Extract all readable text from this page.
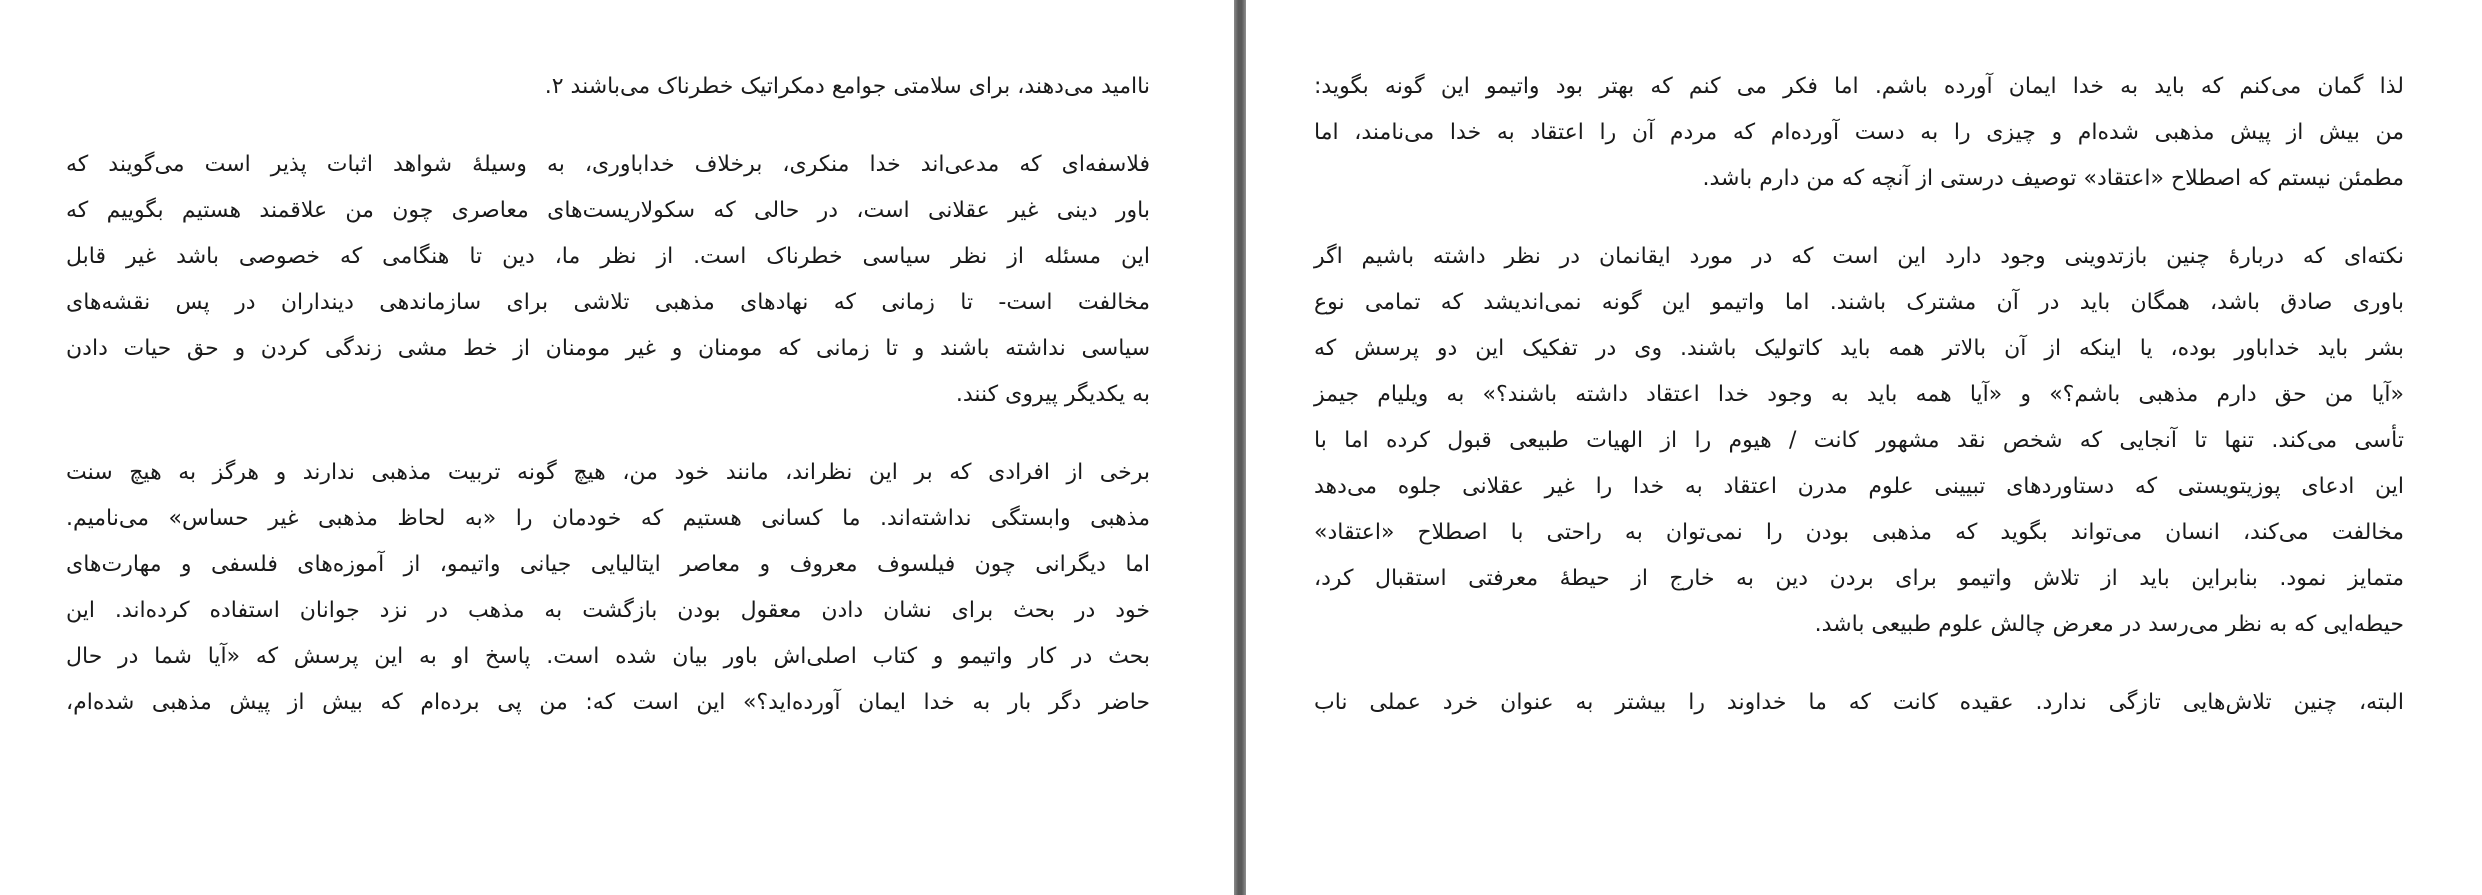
ناامید می‌دهند، برای سلامتی جوامع دمکراتیک خطرناک می‌باشند ۲.
فلاسفه‌ای که مدعی‌اند خدا منکری، برخلاف خداباوری، به وسیلهٔ شواهد اثبات پذیر است می‌گویند که
باور دینی غیر عقلانی است، در حالی که سکولاریست‌های معاصری چون من علاقمند هستیم بگوییم که
این مسئله از نظر سیاسی خطرناک است. از نظر ما، دین تا هنگامی که خصوصی باشد غیر قابل
مخالفت است- تا زمانی که نهادهای مذهبی تلاشی برای سازماندهی دینداران در پس نقشه‌های
سیاسی نداشته باشند و تا زمانی که مومنان و غیر مومنان از خط مشی زندگی کردن و حق حیات دادن
به یکدیگر پیروی کنند.
برخی از افرادی که بر این نظراند، مانند خود من، هیچ گونه تربیت مذهبی ندارند و هرگز به هیچ سنت
مذهبی وابستگی نداشته‌اند. ما کسانی هستیم که خودمان را «به لحاظ مذهبی غیر حساس» می‌نامیم.
اما دیگرانی چون فیلسوف معروف و معاصر ایتالیایی جیانی واتیمو، از آموزه‌های فلسفی و مهارت‌های
خود در بحث برای نشان دادن معقول بودن بازگشت به مذهب در نزد جوانان استفاده کرده‌اند. این
بحث در کار واتیمو و کتاب اصلی‌اش باور بیان شده است. پاسخ او به این پرسش که «آیا شما در حال
حاضر دگر بار به خدا ایمان آورده‌اید؟» این است که: من پی برده‌ام که بیش از پیش مذهبی شده‌ام،
لذا گمان می‌کنم که باید به خدا ایمان آورده باشم. اما فکر می کنم که بهتر بود واتیمو این گونه بگوید:
من بیش از پیش مذهبی شده‌ام و چیزی را به دست آورده‌ام که مردم آن را اعتقاد به خدا می‌نامند، اما
مطمئن نیستم که اصطلاح «اعتقاد» توصیف درستی از آنچه که من دارم باشد.
نکته‌ای که دربارهٔ چنین بازتدوینی وجود دارد این است که در مورد ایقانمان در نظر داشته باشیم اگر
باوری صادق باشد، همگان باید در آن مشترک باشند. اما واتیمو این گونه نمی‌اندیشد که تمامی نوع
بشر باید خداباور بوده، یا اینکه از آن بالاتر همه باید کاتولیک باشند. وی در تفکیک این دو پرسش که
«آیا من حق دارم مذهبی باشم؟» و «آیا همه باید به وجود خدا اعتقاد داشته باشند؟» به ویلیام جیمز
تأسی می‌کند. تنها تا آنجایی که شخص نقد مشهور کانت / هیوم را از الهیات طبیعی قبول کرده اما با
این ادعای پوزیتویستی که دستاوردهای تبیینی علوم مدرن اعتقاد به خدا را غیر عقلانی جلوه می‌دهد
مخالفت می‌کند، انسان می‌تواند بگوید که مذهبی بودن را نمی‌توان به راحتی با اصطلاح «اعتقاد»
متمایز نمود. بنابراین باید از تلاش واتیمو برای بردن دین به خارج از حیطهٔ معرفتی استقبال کرد،
حیطه‌ایی که به نظر می‌رسد در معرض چالش علوم طبیعی باشد.
البته، چنین تلاش‌هایی تازگی ندارد. عقیده کانت که ما خداوند را بیشتر به عنوان خرد عملی ناب
